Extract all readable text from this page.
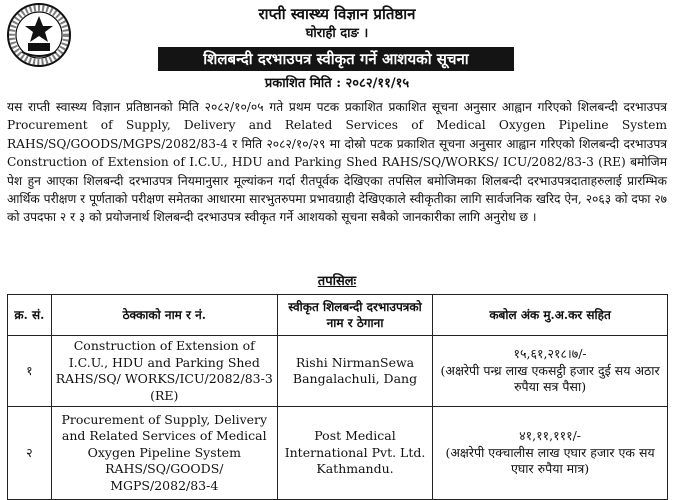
राप्ती स्वास्थ्य विज्ञान प्रतिष्ठान
घोराही दाङ ।
शिलबन्दी दरभाउपत्र स्वीकृत गर्ने आशयको सूचना
प्रकाशित मिति : २०८२/११/१५

यस राप्ती स्वास्थ्य विज्ञान प्रतिष्ठानको मिति २०८२/१०/०५ गते प्रथम पटक प्रकाशित प्रकाशित सूचना अनुसार आह्वान गरिएको शिलबन्दी दरभाउपत्र Procurement of Supply, Delivery and Related Services of Medical Oxygen Pipeline System RAHS/SQ/GOODS/MGPS/2082/83-4 र मिति २०८२/१०/२९ मा दोस्रो पटक प्रकाशित सूचना अनुसार आह्वान गरिएको शिलबन्दी दरभाउपत्र Construction of Extension of I.C.U., HDU and Parking Shed RAHS/SQ/WORKS/ ICU/2082/83-3 (RE) बमोजिम पेश हुन आएका शिलबन्दी दरभाउपत्र नियमानुसार मूल्यांकन गर्दा रीतपूर्वक देखिएका तपसिल बमोजिमका शिलबन्दी दरभाउपत्रदाताहरुलाई प्रारम्भिक आर्थिक परीक्षण र पूर्णताको परीक्षण समेतका आधारमा सारभुतरुपमा प्रभावग्राही देखिएकाले स्वीकृतीका लागि सार्वजनिक खरिद ऐन, २०६३ को दफा २७ को उपदफा २ र ३ को प्रयोजनार्थ शिलबन्दी दरभाउपत्र स्वीकृत गर्ने आशयको सूचना सबैको जानकारीका लागि अनुरोध छ ।

तपसिलः
क्र. सं.	ठेक्काको नाम र नं.	स्वीकृत शिलबन्दी दरभाउपत्रको नाम र ठेगाना	कबोल अंक मु.अ.कर सहित
१	Construction of Extension of I.C.U., HDU and Parking Shed RAHS/SQ/ WORKS/ICU/2082/83-3 (RE)	Rishi NirmanSewa Bangalachuli, Dang	१५,६१,२१८।७/-
(अक्षरेपी पन्ध्र लाख एकसट्ठी हजार दुई सय अठार रुपैया सत्र पैसा)

२	Procurement of Supply, Delivery and Related Services of Medical Oxygen Pipeline System RAHS/SQ/GOODS/ MGPS/2082/83-4	Post Medical International Pvt. Ltd. Kathmandu.	४१,११,१११/-
(अक्षरेपी एक्चालीस लाख एघार हजार एक सय एघार रुपैया मात्र)
